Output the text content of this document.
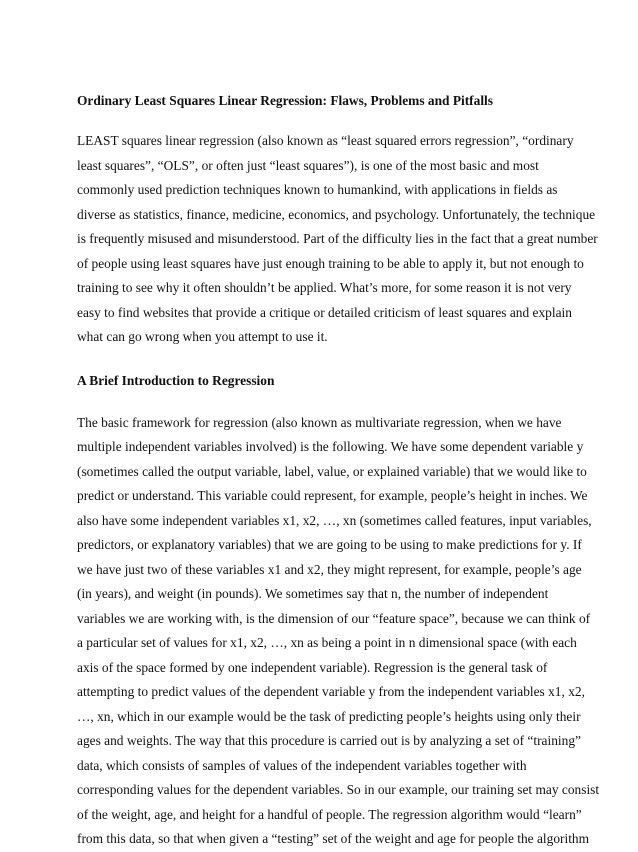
Ordinary Least Squares Linear Regression: Flaws, Problems and Pitfalls

LEAST squares linear regression (also known as “least squared errors regression”, “ordinary
least squares”, “OLS”, or often just “least squares”), is one of the most basic and most
commonly used prediction techniques known to humankind, with applications in fields as
diverse as statistics, finance, medicine, economics, and psychology. Unfortunately, the technique
is frequently misused and misunderstood. Part of the difficulty lies in the fact that a great number
of people using least squares have just enough training to be able to apply it, but not enough to
training to see why it often shouldn’t be applied. What’s more, for some reason it is not very
easy to find websites that provide a critique or detailed criticism of least squares and explain
what can go wrong when you attempt to use it.

A Brief Introduction to Regression

The basic framework for regression (also known as multivariate regression, when we have
multiple independent variables involved) is the following. We have some dependent variable y
(sometimes called the output variable, label, value, or explained variable) that we would like to
predict or understand. This variable could represent, for example, people’s height in inches. We
also have some independent variables x1, x2, …, xn (sometimes called features, input variables,
predictors, or explanatory variables) that we are going to be using to make predictions for y. If
we have just two of these variables x1 and x2, they might represent, for example, people’s age
(in years), and weight (in pounds). We sometimes say that n, the number of independent
variables we are working with, is the dimension of our “feature space”, because we can think of
a particular set of values for x1, x2, …, xn as being a point in n dimensional space (with each
axis of the space formed by one independent variable). Regression is the general task of
attempting to predict values of the dependent variable y from the independent variables x1, x2,
…, xn, which in our example would be the task of predicting people’s heights using only their
ages and weights. The way that this procedure is carried out is by analyzing a set of “training”
data, which consists of samples of values of the independent variables together with
corresponding values for the dependent variables. So in our example, our training set may consist
of the weight, age, and height for a handful of people. The regression algorithm would “learn”
from this data, so that when given a “testing” set of the weight and age for people the algorithm
